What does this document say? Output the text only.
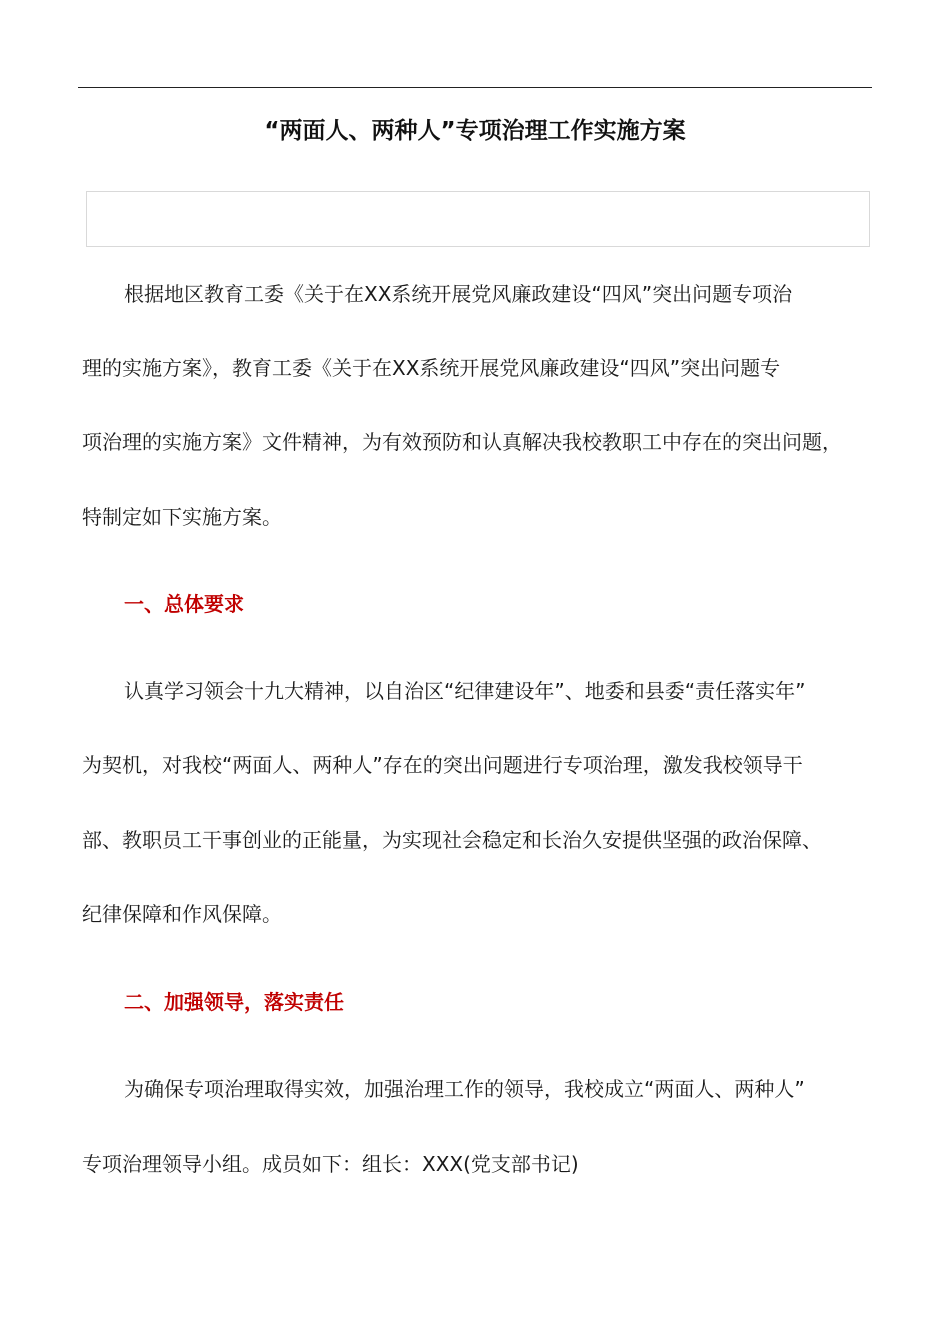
“两面人、两种人”专项治理工作实施方案
根据地区教育工委《关于在XX系统开展党风廉政建设“四风”突出问题专项治
理的实施方案》，教育工委《关于在XX系统开展党风廉政建设“四风”突出问题专
项治理的实施方案》文件精神，为有效预防和认真解决我校教职工中存在的突出问题，
特制定如下实施方案。
一、总体要求
认真学习领会十九大精神，以自治区“纪律建设年”、地委和县委“责任落实年”
为契机，对我校“两面人、两种人”存在的突出问题进行专项治理，激发我校领导干
部、教职员工干事创业的正能量，为实现社会稳定和长治久安提供坚强的政治保障、
纪律保障和作风保障。
二、加强领导，落实责任
为确保专项治理取得实效，加强治理工作的领导，我校成立“两面人、两种人”
专项治理领导小组。成员如下：组长：XXX(党支部书记)
